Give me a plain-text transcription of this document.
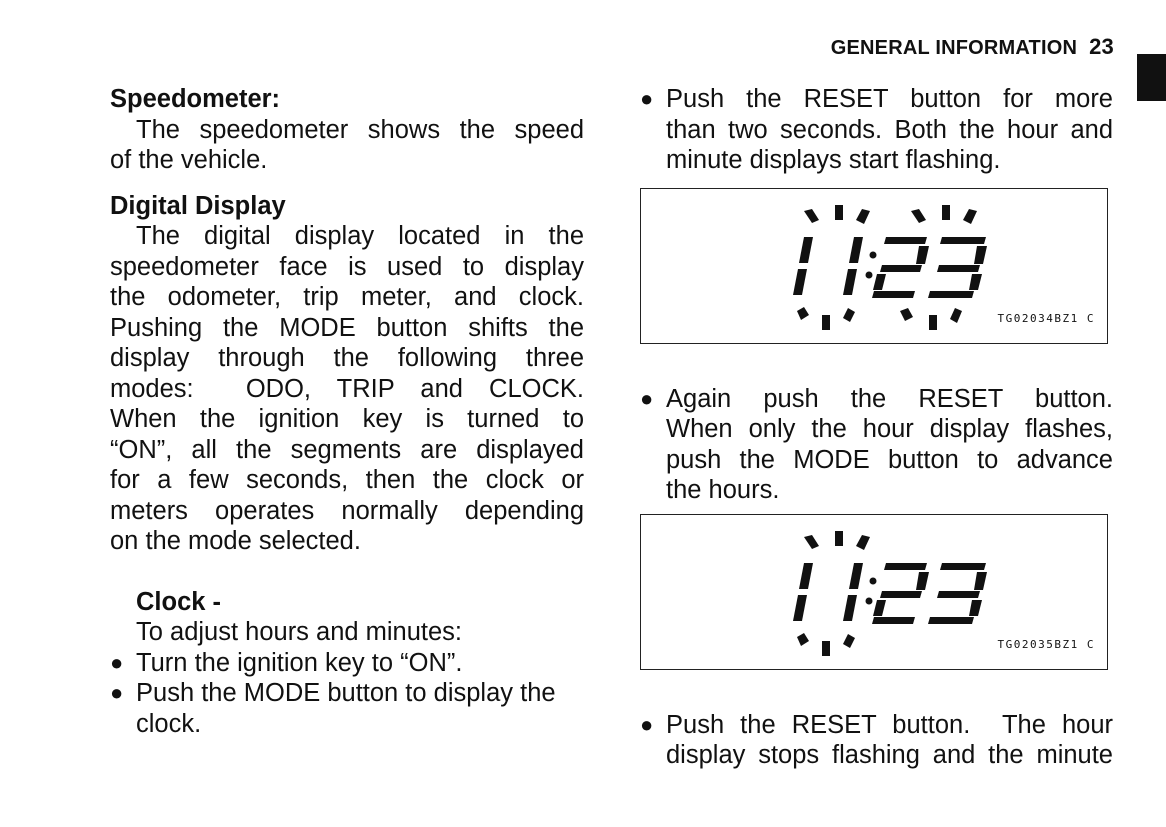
GENERAL INFORMATION 23

Speedometer:

The speedometer shows the speed

of the vehicle.

Digital Display

The digital display located in the

speedometer face is used to display

the odometer, trip meter, and clock.

Pushing the MODE button shifts the

display through the following three

modes:  ODO, TRIP and CLOCK.

When the ignition key is turned to

“ON”, all the segments are displayed

for a few seconds, then the clock or

meters operates normally depending

on the mode selected.

Clock -

To adjust hours and minutes:

● Turn the ignition key to “ON”.
● Push the MODE button to display the

clock.

● Push the RESET button for more

than two seconds. Both the hour and

minute displays start flashing.

TG02034BZ1 C
● Again push the RESET button.

When only the hour display flashes,

push the MODE button to advance

the hours.

TG02035BZ1 C
● Push the RESET button.  The hour

display stops flashing and the minute
